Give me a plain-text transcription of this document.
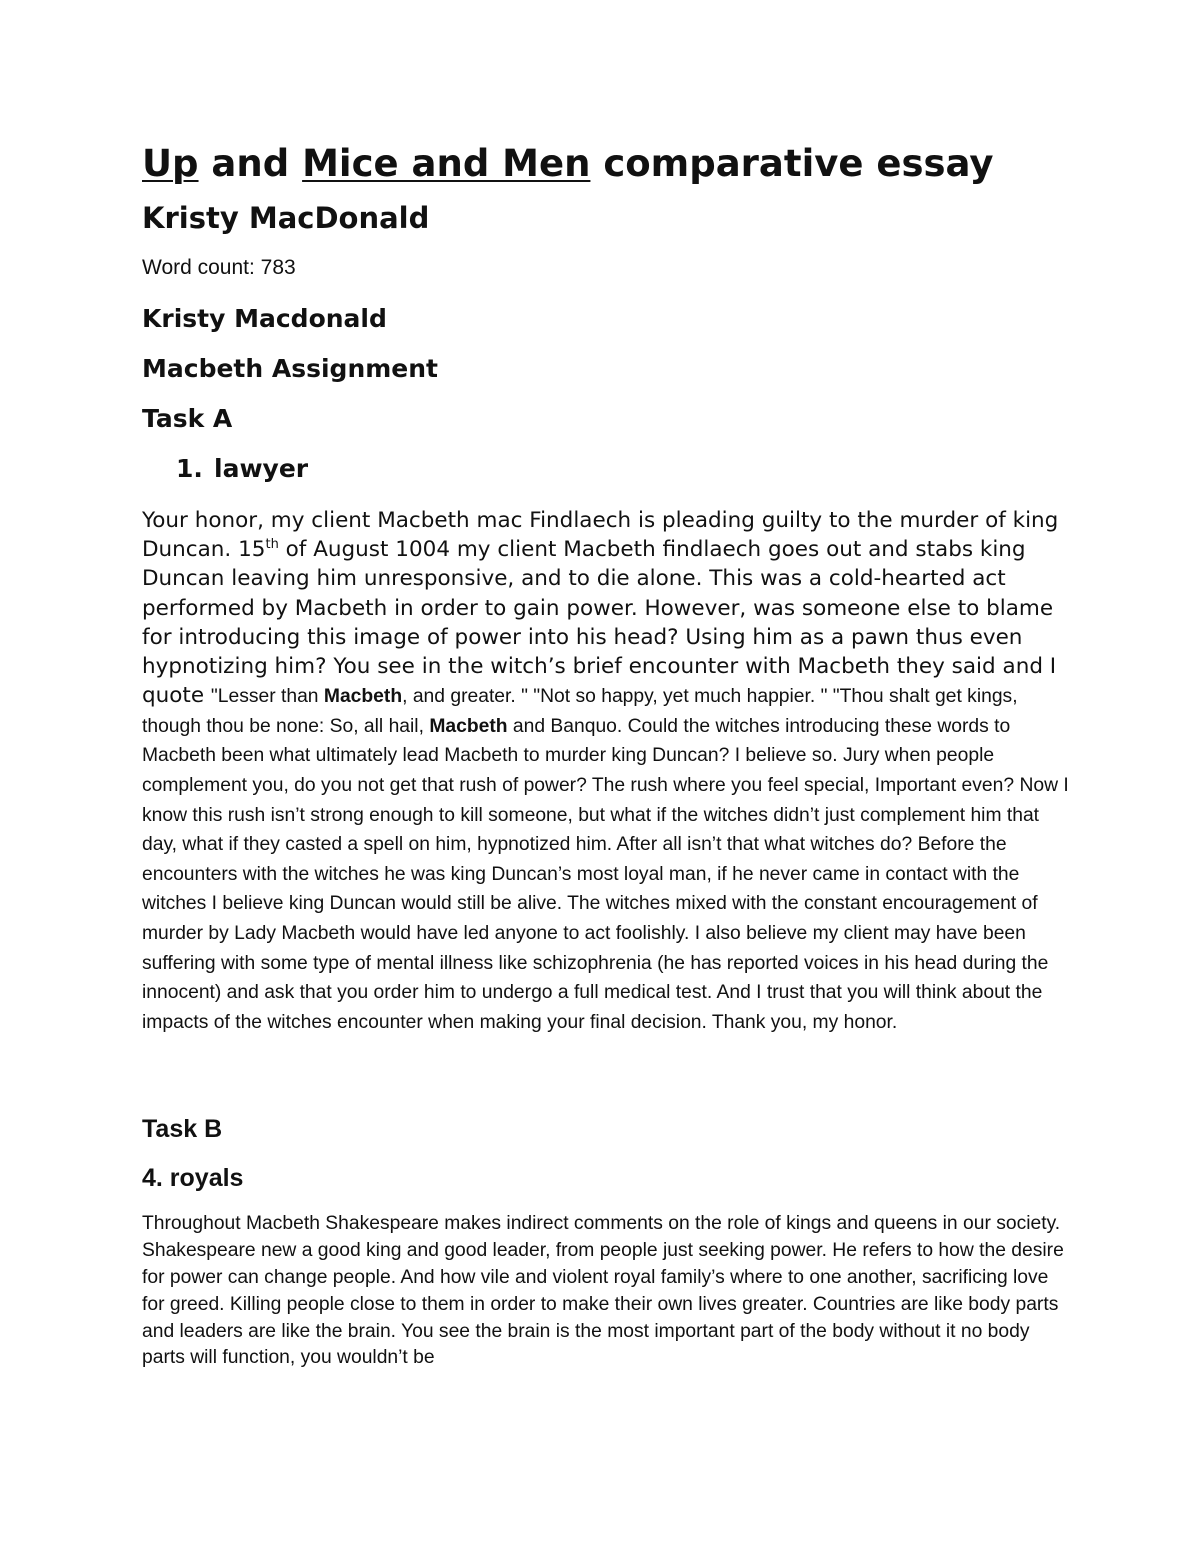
Up and Mice and Men comparative essay
Kristy MacDonald
Word count: 783
Kristy Macdonald
Macbeth Assignment
Task A
1. lawyer

Your honor, my client Macbeth mac Findlaech is pleading guilty to the murder of king Duncan. 15th of August 1004 my client Macbeth findlaech goes out and stabs king Duncan leaving him unresponsive, and to die alone. This was a cold-hearted act performed by Macbeth in order to gain power. However, was someone else to blame for introducing this image of power into his head? Using him as a pawn thus even hypnotizing him? You see in the witch’s brief encounter with Macbeth they said and I quote "Lesser than Macbeth, and greater. " "Not so happy, yet much happier. " "Thou shalt get kings, though thou be none: So, all hail, Macbeth and Banquo. Could the witches introducing these words to Macbeth been what ultimately lead Macbeth to murder king Duncan? I believe so. Jury when people complement you, do you not get that rush of power? The rush where you feel special, Important even? Now I know this rush isn’t strong enough to kill someone, but what if the witches didn’t just complement him that day, what if they casted a spell on him, hypnotized him. After all isn’t that what witches do? Before the encounters with the witches he was king Duncan’s most loyal man, if he never came in contact with the witches I believe king Duncan would still be alive. The witches mixed with the constant encouragement of murder by Lady Macbeth would have led anyone to act foolishly. I also believe my client may have been suffering with some type of mental illness like schizophrenia (he has reported voices in his head during the innocent) and ask that you order him to undergo a full medical test. And I trust that you will think about the impacts of the witches encounter when making your final decision. Thank you, my honor.

Task B
4. royals

Throughout Macbeth Shakespeare makes indirect comments on the role of kings and queens in our society. Shakespeare new a good king and good leader, from people just seeking power. He refers to how the desire for power can change people. And how vile and violent royal family’s where to one another, sacrificing love for greed. Killing people close to them in order to make their own lives greater. Countries are like body parts and leaders are like the brain. You see the brain is the most important part of the body without it no body parts will function, you wouldn’t be
